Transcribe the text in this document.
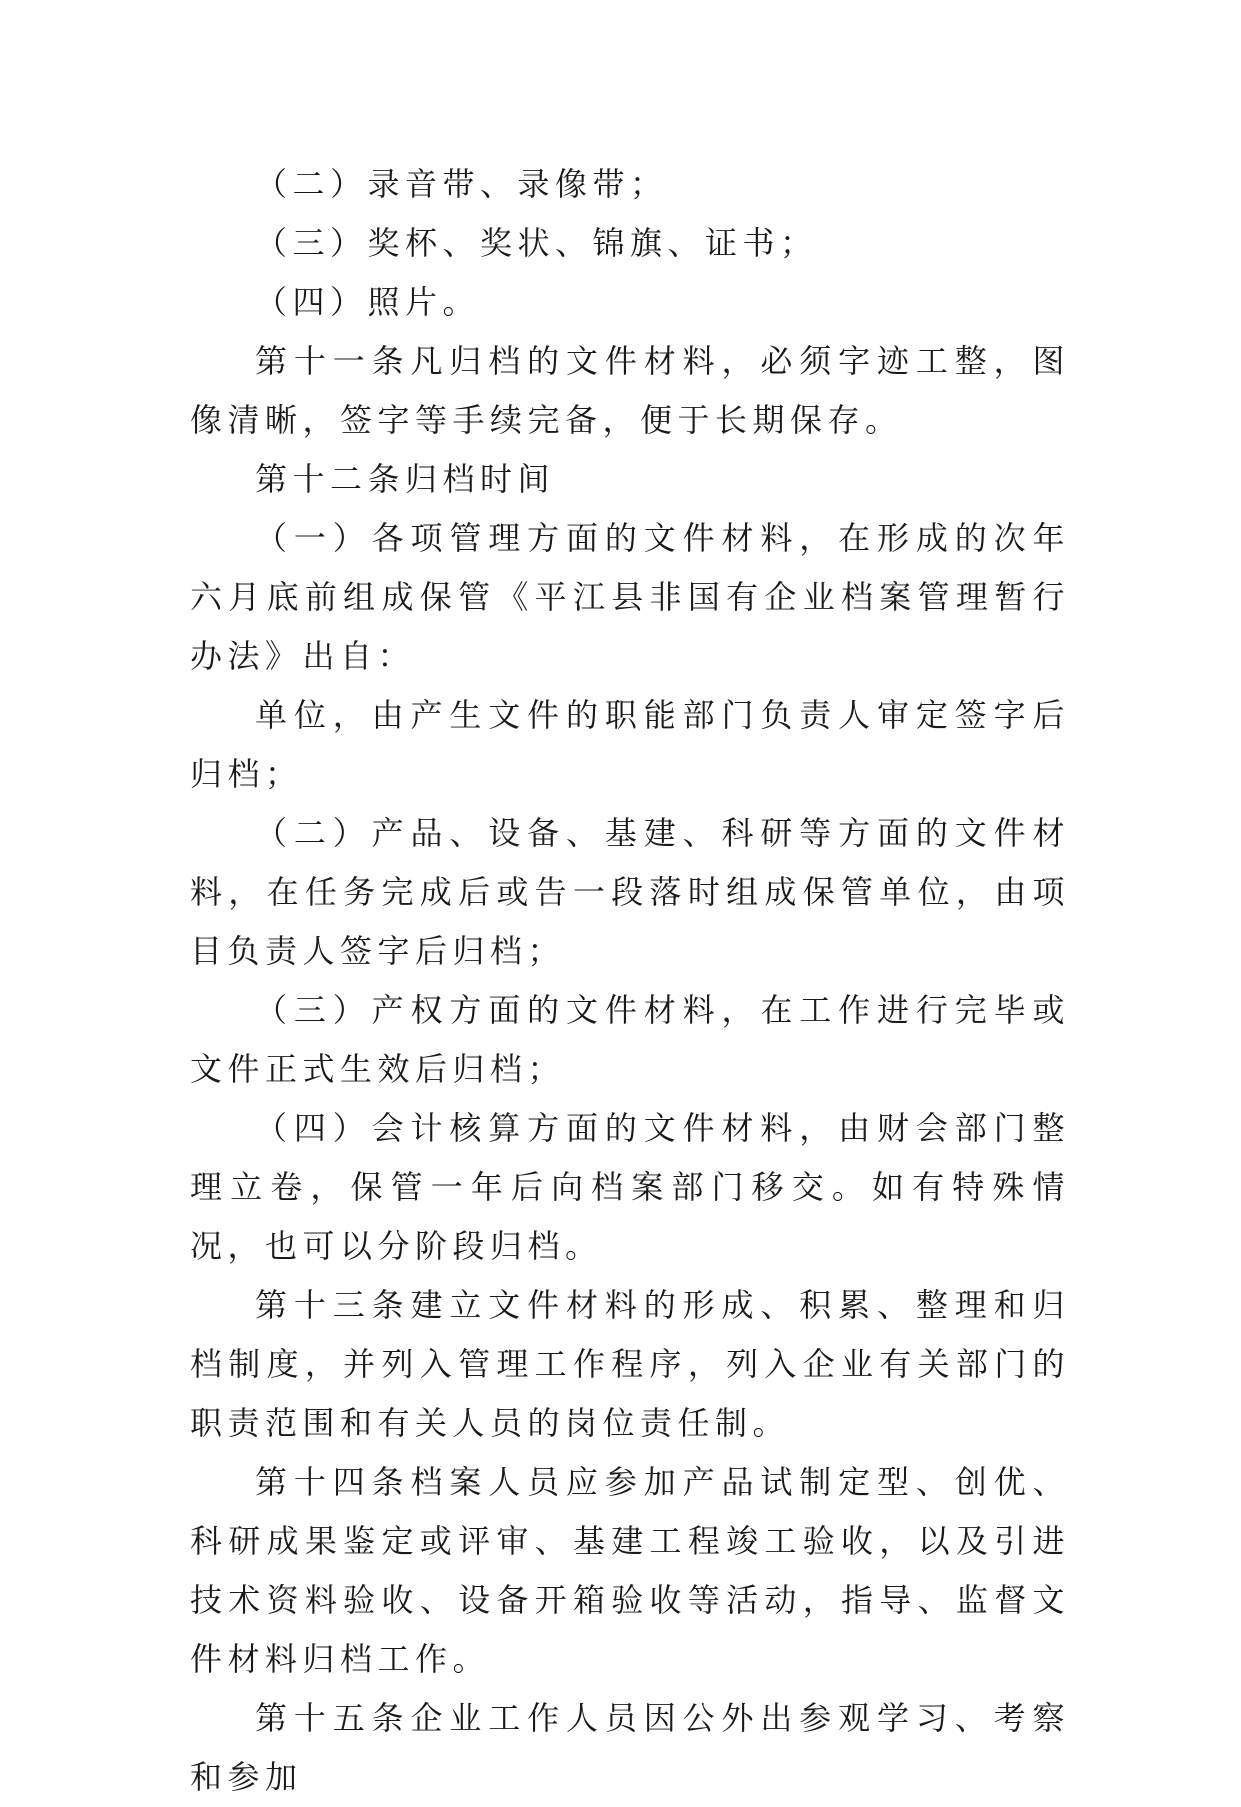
（二）录音带、录像带；

（三）奖杯、奖状、锦旗、证书；

（四）照片。

第十一条凡归档的文件材料，必须字迹工整，图像清晰，签字等手续完备，便于长期保存。

第十二条归档时间

（一）各项管理方面的文件材料，在形成的次年六月底前组成保管《平江县非国有企业档案管理暂行办法》出自：

单位，由产生文件的职能部门负责人审定签字后归档；

（二）产品、设备、基建、科研等方面的文件材料，在任务完成后或告一段落时组成保管单位，由项目负责人签字后归档；

（三）产权方面的文件材料，在工作进行完毕或文件正式生效后归档；

（四）会计核算方面的文件材料，由财会部门整理立卷，保管一年后向档案部门移交。如有特殊情况，也可以分阶段归档。

第十三条建立文件材料的形成、积累、整理和归档制度，并列入管理工作程序，列入企业有关部门的职责范围和有关人员的岗位责任制。

第十四条档案人员应参加产品试制定型、创优、科研成果鉴定或评审、基建工程竣工验收，以及引进技术资料验收、设备开箱验收等活动，指导、监督文件材料归档工作。

第十五条企业工作人员因公外出参观学习、考察和参加
